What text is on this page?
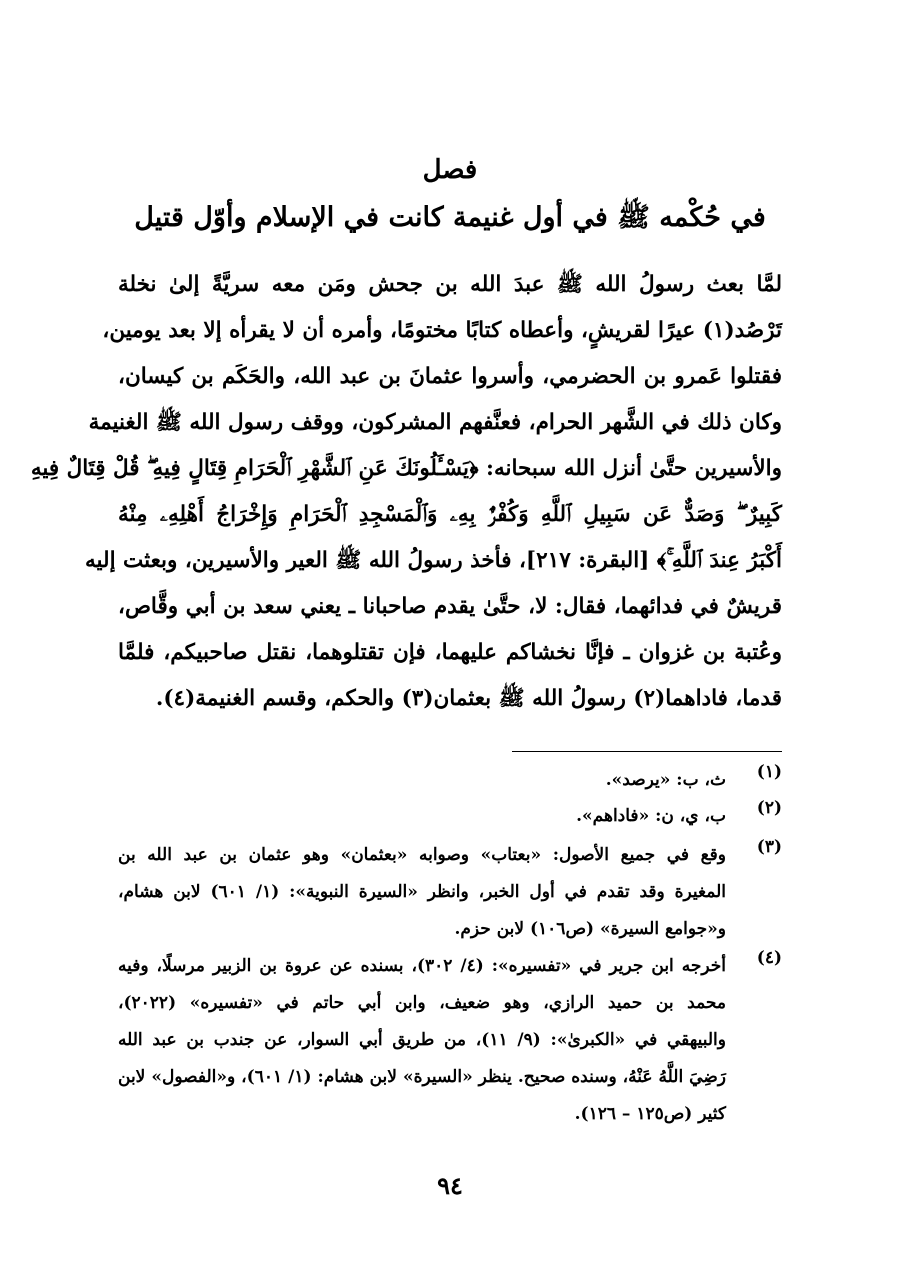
فصل
في حُكْمه ﷺ في أول غنيمة كانت في الإسلام وأوّل قتيل
لمَّا بعث رسولُ الله ﷺ عبدَ الله بن جحش ومَن معه سريَّةً إلىٰ نخلة
تَرْصُد(١) عيرًا لقريشٍ، وأعطاه كتابًا مختومًا، وأمره أن لا يقرأه إلا بعد يومين،
فقتلوا عَمرو بن الحضرمي، وأسروا عثمانَ بن عبد الله، والحَكَم بن كيسان،
وكان ذلك في الشَّهر الحرام، فعنَّفهم المشركون، ووقف رسول الله ﷺ الغنيمة
والأسيرين حتَّىٰ أنزل الله سبحانه: ﴿يَسْـَٔلُونَكَ عَنِ ٱلشَّهْرِ ٱلْحَرَامِ قِتَالٍ فِيهِ ۖ قُلْ قِتَالٌ فِيهِ
كَبِيرٌ ۖ وَصَدٌّ عَن سَبِيلِ ٱللَّهِ وَكُفْرٌۢ بِهِۦ وَٱلْمَسْجِدِ ٱلْحَرَامِ وَإِخْرَاجُ أَهْلِهِۦ مِنْهُ
أَكْبَرُ عِندَ ٱللَّهِ ۚ﴾ [البقرة: ٢١٧]، فأخذ رسولُ الله ﷺ العير والأسيرين، وبعثت إليه
قريشٌ في فدائهما، فقال: لا، حتَّىٰ يقدم صاحبانا ـ يعني سعد بن أبي وقَّاص،
وعُتبة بن غزوان ـ فإنَّا نخشاكم عليهما، فإن تقتلوهما، نقتل صاحبيكم، فلمَّا
قدما، فاداهما(٢) رسولُ الله ﷺ بعثمان(٣) والحكم، وقسم الغنيمة(٤).
(١)
ث، ب: «يرصد».
(٢)
ب، ي، ن: «فاداهم».
(٣)
وقع في جميع الأصول: «بعتاب» وصوابه «بعثمان» وهو عثمان بن عبد الله بن
المغيرة وقد تقدم في أول الخبر، وانظر «السيرة النبوية»: (١/ ٦٠١) لابن هشام،
و«جوامع السيرة» (ص١٠٦) لابن حزم.
(٤)
أخرجه ابن جرير في «تفسيره»: (٤/ ٣٠٢)، بسنده عن عروة بن الزبير مرسلًا، وفيه
محمد بن حميد الرازي، وهو ضعيف، وابن أبي حاتم في «تفسيره» (٢٠٢٢)،
والبيهقي في «الكبرىٰ»: (٩/ ١١)، من طريق أبي السوار، عن جندب بن عبد الله
رَضِيَ اللَّهُ عَنْهُ، وسنده صحيح. ينظر «السيرة» لابن هشام: (١/ ٦٠١)، و«الفصول» لابن
كثير (ص١٢٥ – ١٢٦).
٩٤
